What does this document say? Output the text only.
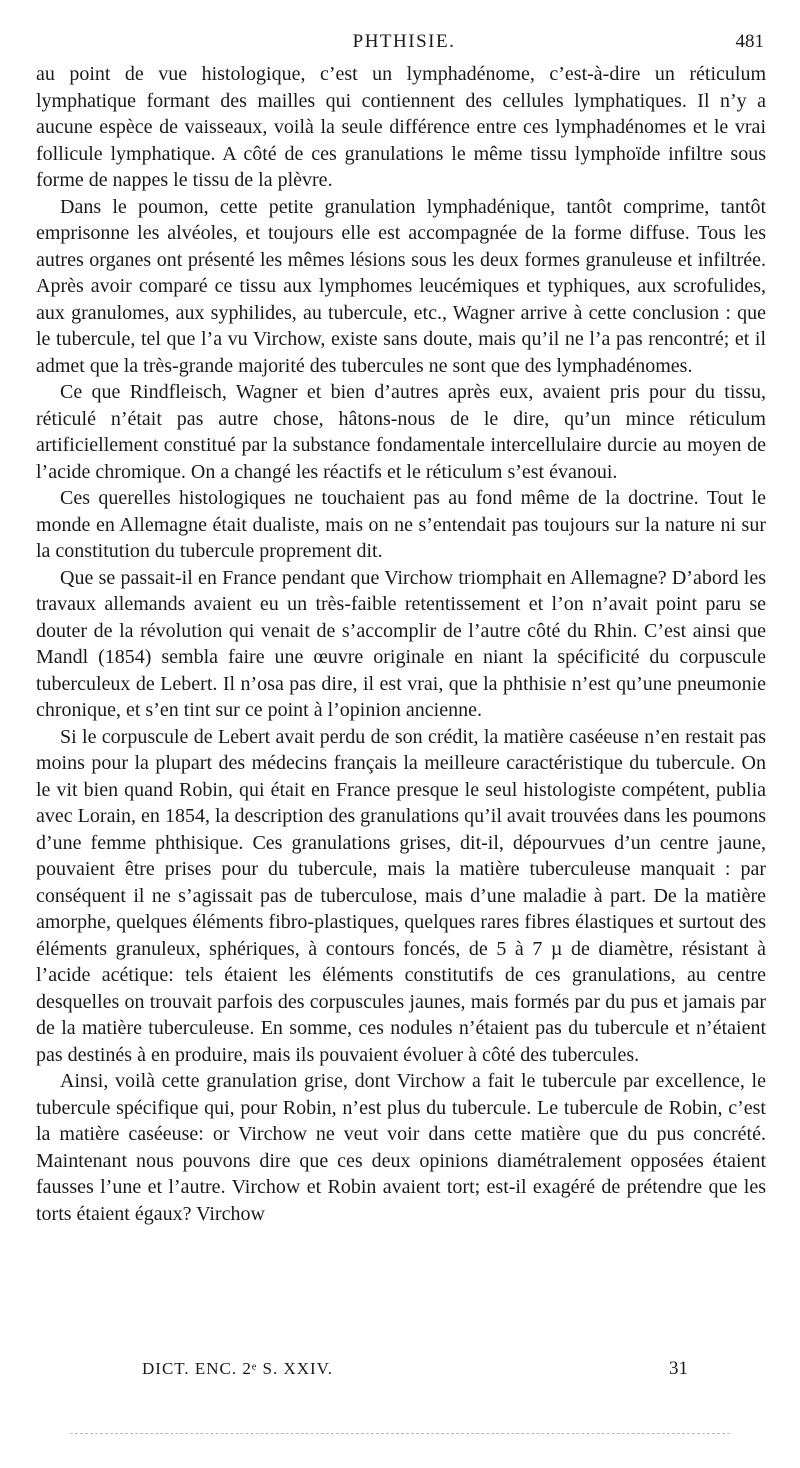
PHTHISIE.	481

au point de vue histologique, c’est un lymphadénome, c’est-à-dire un réticulum lymphatique formant des mailles qui contiennent des cellules lymphatiques. Il n’y a aucune espèce de vaisseaux, voilà la seule différence entre ces lymphadénomes et le vrai follicule lymphatique. A côté de ces granulations le même tissu lymphoïde infiltre sous forme de nappes le tissu de la plèvre.

Dans le poumon, cette petite granulation lymphadénique, tantôt comprime, tantôt emprisonne les alvéoles, et toujours elle est accompagnée de la forme diffuse. Tous les autres organes ont présenté les mêmes lésions sous les deux formes granuleuse et infiltrée. Après avoir comparé ce tissu aux lymphomes leucémiques et typhiques, aux scrofulides, aux granulomes, aux syphilides, au tubercule, etc., Wagner arrive à cette conclusion : que le tubercule, tel que l’a vu Virchow, existe sans doute, mais qu’il ne l’a pas rencontré; et il admet que la très-grande majorité des tubercules ne sont que des lymphadénomes.

Ce que Rindfleisch, Wagner et bien d’autres après eux, avaient pris pour du tissu, réticulé n’était pas autre chose, hâtons-nous de le dire, qu’un mince réticulum artificiellement constitué par la substance fondamentale intercellulaire durcie au moyen de l’acide chromique. On a changé les réactifs et le réticulum s’est évanoui.

Ces querelles histologiques ne touchaient pas au fond même de la doctrine. Tout le monde en Allemagne était dualiste, mais on ne s’entendait pas toujours sur la nature ni sur la constitution du tubercule proprement dit.

Que se passait-il en France pendant que Virchow triomphait en Allemagne? D’abord les travaux allemands avaient eu un très-faible retentissement et l’on n’avait point paru se douter de la révolution qui venait de s’accomplir de l’autre côté du Rhin. C’est ainsi que Mandl (1854) sembla faire une œuvre originale en niant la spécificité du corpuscule tuberculeux de Lebert. Il n’osa pas dire, il est vrai, que la phthisie n’est qu’une pneumonie chronique, et s’en tint sur ce point à l’opinion ancienne.

Si le corpuscule de Lebert avait perdu de son crédit, la matière caséeuse n’en restait pas moins pour la plupart des médecins français la meilleure caractéristique du tubercule. On le vit bien quand Robin, qui était en France presque le seul histologiste compétent, publia avec Lorain, en 1854, la description des granulations qu’il avait trouvées dans les poumons d’une femme phthisique. Ces granulations grises, dit-il, dépourvues d’un centre jaune, pouvaient être prises pour du tubercule, mais la matière tuberculeuse manquait : par conséquent il ne s’agissait pas de tuberculose, mais d’une maladie à part. De la matière amorphe, quelques éléments fibro-plastiques, quelques rares fibres élastiques et surtout des éléments granuleux, sphériques, à contours foncés, de 5 à 7 µ de diamètre, résistant à l’acide acétique: tels étaient les éléments constitutifs de ces granulations, au centre desquelles on trouvait parfois des corpuscules jaunes, mais formés par du pus et jamais par de la matière tuberculeuse. En somme, ces nodules n’étaient pas du tubercule et n’étaient pas destinés à en produire, mais ils pouvaient évoluer à côté des tubercules.

Ainsi, voilà cette granulation grise, dont Virchow a fait le tubercule par excellence, le tubercule spécifique qui, pour Robin, n’est plus du tubercule. Le tubercule de Robin, c’est la matière caséeuse: or Virchow ne veut voir dans cette matière que du pus concrété. Maintenant nous pouvons dire que ces deux opinions diamétralement opposées étaient fausses l’une et l’autre. Virchow et Robin avaient tort; est-il exagéré de prétendre que les torts étaient égaux? Virchow

DICT. ENC. 2ᵉ S. XXIV.	31
